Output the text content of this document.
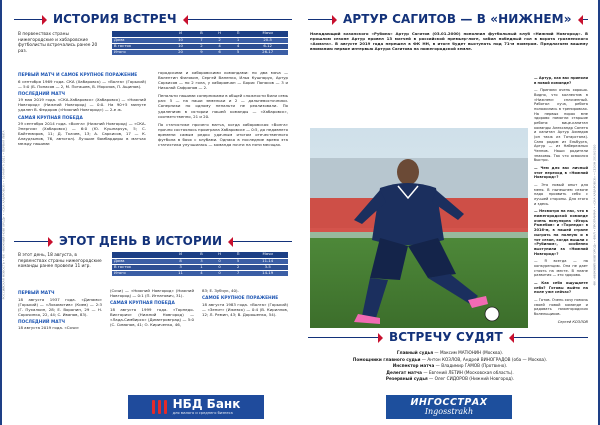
РОССИЙСКАЯ НОВОСТЬ • ФК «НИЖНИЙ НОВГОРОД» • «СКА-ХАБАРОВСК» • 10 МАРТА 2021 • ПЕРВАЯ ЛИГА
ИСТОРИЯ ВСТРЕЧ
В первенствах страны нижегородские и хабаровские футболисты встречались ранее 20 раз.
	И	В	Н	П	Мячи
Дома	10	7	2	1	20-5
В гостях	10	2	4	4	6-12
Итого	20	9	6	5	26-17
ПЕРВЫЙ МАТЧ И САМОЕ КРУПНОЕ ПОРАЖЕНИЕ

6 сентября 1969 года. СКА (Хабаровск) — «Волга» (Горький) — 5:0 (Б. Попасов — 2, М. Поташев, В. Морозов, П. Ащинов).

ПОСЛЕДНИЙ МАТЧ

19 мая 2019 года. «СКА-Хабаровск» (Хабаровск) — «Нижний Новгород» (Нижний Новгород) — 0:0. На 90+5 минуте удален В. Федоров («Нижний Новгород») — 2-е ж.

САМАЯ КРУПНАЯ ПОБЕДА

29 сентября 2014 года. «Волга» (Нижний Новгород) — «СКА-Энергия» (Хабаровск) — 6:0 (Ю. Кушнарчук, 5; С. Байтемиров, 11; Д. Ткачев, 13; А. Саркисов, 17 — К. Алаудзынов, 76, автогол). Лучшие бомбардиры в матчах между нашими

городскими и хабаровскими командами: по два мяча — Валентин Филякин, Сергей Ваненко, Илья Кушнарук, Артур Саркисов — по 2 гола, у хабаровчан — Борис Попасов — 3 и Николай Сафронов — 2.

Пенальти нашими соперниками в общей сложности били семь раз: 5 — на наши земельки и 2 — дальневосточники. Соперники по одному пенальти не реализовали. По удалениям в истории нашей команды — «Хабаровск», соответственно, 21 и 20.

По статистике прочего матча, когда хабаровская «Волга» прочно состоялось проиграла Хабаровске — 0:5, до недавнего времени самым редко удачным итогом отечественного футбола в боях с клубами. Однако в последние время эта статистика улучшилась — команда почти на пяти месяцах.

ЭТОТ ДЕНЬ В ИСТОРИИ
В этот день, 18 августа, в первенствах страны нижегородские команды ранее провели 11 игр.
	И	В	Н	П	Мячи
Дома	8	3	0	5	11-14
В гостях	3	1	0	2	3-5
Итого	11	4	0	7	14-19
ПЕРВЫЙ МАТЧ

18 августа 1937 года. «Динамо» (Горький) — «Локомотив» (Киев) — 2:3 (Г. Пухалкин, 28; Е. Воронин, 29 — Н. Сорочинко, 22, 44; С. Иванов, 83).

ПОСЛЕДНИЙ МАТЧ

18 августа 2019 года. «Сочи»

(Сочи) — «Нижний Новгород» (Нижний Новгород) — 0:1 (П. Игнатович, 31).

САМАЯ КРУПНАЯ ПОБЕДА

18 августа 1999 года. «Торпедо-Виктория» (Нижний Новгород) — «Лада-Симбирск» (Димитровград) — 5:0 (С. Симонов, 41; О. Кириченко, 46,

83; Е. Зубчук, 40).

САМОЕ КРУПНОЕ ПОРАЖЕНИЕ

18 августа 1983 года. «Волга» (Горький) — «Зенит» (Ижевск) — 0:4 (В. Кириллов, 12; Л. Ремин, 43; В. Дорошенко, 54).

НБД Банк
для малого и среднего бизнеса
ФК «НИЖНИЙ НОВГОРОД» • ФНЛ • ПРОГРАММА • «СКА-ХАБАРОВСК» • СЕЗОН 2019/2020
АРТУР САГИТОВ — В «НИЖНЕМ»
Нападающий казанского «Рубина» Артур Сагитов (03.01.2000) пополнил футбольный клуб «Нижний Новгород». В прошлом сезоне Артур провел 13 матчей в российской премьер-лиге, забил победный гол в ворота грозненского «Ахмата». В августе 2019 года перешел в ФК НН, в итоге будет выступать под 71-м номером. Предлагаем вашему вниманию первое интервью Артура Сагитова на нижегородской земле.

— Артур, как вас приняли в новой команде?

— Приняли очень хорошо. Видно, что коллектив в «Нижнем» сплоченный. Работал куча, ребята положились в тренировках. На первых порах мне здорово помогли старшие ребята: вице-капитан команды Александр Сапета и капитан Артур Ахмедов (он такж из Татарстана). Саня родом из Ельбурга, Артур — из Набережных Челнов. Наши родители знакомы. Так что освоился быстро.

— Чем для вас личный этот переход в «Нижний Новгород»?

— Это новый опыт для меня. В нынешнем сезоне надо проявить себя с лучшей стороны. Для этого и здесь.

— Несмотря на нас, что в нижегородской команде очень популярна «Игорь Ражебов» и «Торпедо» в 2016-м, в нашей стране сыграть на полную и в тот сезон, когда вышли с «Рубином», особенно выступили за «Нижний Новгород»?

— Я всегда — на конкуренцию. Она не дает стоять на месте. В плане развития — это здорово.

— Как себя ощущаете себя? Готовы выйти на поле уже сейчас?

— Готов. Очень хочу помочь своей новой команде и радовать нижегородских болельщиков.

Сергей КОЗЛОВ

ВСТРЕЧУ СУДЯТ
Главный судья — Максим МАТЮНИН (Москва).
Помощники главного судьи — Антон КОЗЛОВ, Андрей ВИНОГРАДОВ (оба — Москва).
Инспектор матча — Владимир ГАМОВ (Протвино).
Делегат матча — Евгений ЛЕТИН (Московская область).
Резервный судья — Олег СИДОРОВ (Нижний Новгород).
ИНГОССТРАХ
Ingosstrakh
